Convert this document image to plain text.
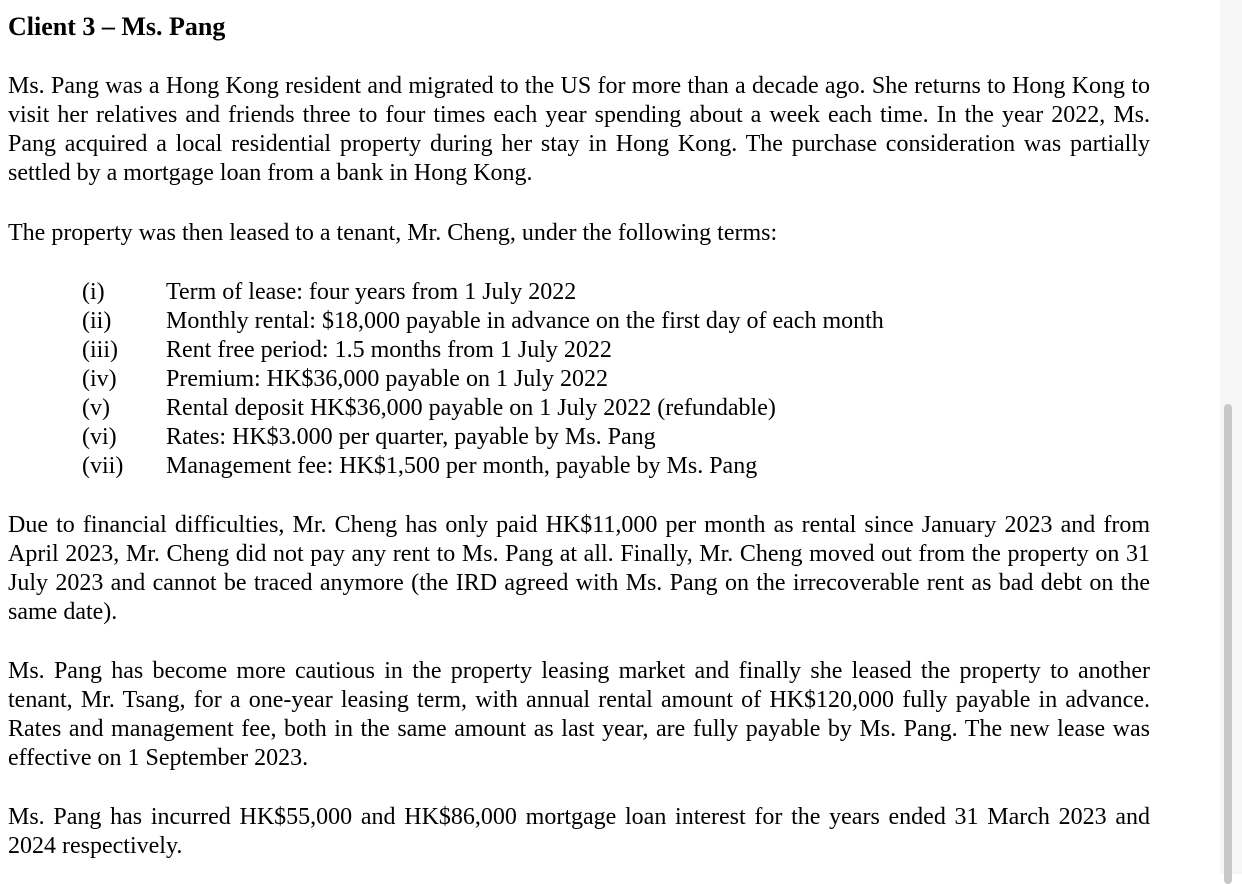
Client 3 – Ms. Pang

Ms. Pang was a Hong Kong resident and migrated to the US for more than a decade ago. She returns to Hong Kong to visit her relatives and friends three to four times each year spending about a week each time. In the year 2022, Ms. Pang acquired a local residential property during her stay in Hong Kong. The purchase consideration was partially settled by a mortgage loan from a bank in Hong Kong.

The property was then leased to a tenant, Mr. Cheng, under the following terms:

(i)	Term of lease: four years from 1 July 2022
(ii)	Monthly rental: $18,000 payable in advance on the first day of each month
(iii)	Rent free period: 1.5 months from 1 July 2022
(iv)	Premium: HK$36,000 payable on 1 July 2022
(v)	Rental deposit HK$36,000 payable on 1 July 2022 (refundable)
(vi)	Rates: HK$3.000 per quarter, payable by Ms. Pang
(vii)	Management fee: HK$1,500 per month, payable by Ms. Pang

Due to financial difficulties, Mr. Cheng has only paid HK$11,000 per month as rental since January 2023 and from April 2023, Mr. Cheng did not pay any rent to Ms. Pang at all. Finally, Mr. Cheng moved out from the property on 31 July 2023 and cannot be traced anymore (the IRD agreed with Ms. Pang on the irrecoverable rent as bad debt on the same date).

Ms. Pang has become more cautious in the property leasing market and finally she leased the property to another tenant, Mr. Tsang, for a one-year leasing term, with annual rental amount of HK$120,000 fully payable in advance. Rates and management fee, both in the same amount as last year, are fully payable by Ms. Pang. The new lease was effective on 1 September 2023.

Ms. Pang has incurred HK$55,000 and HK$86,000 mortgage loan interest for the years ended 31 March 2023 and 2024 respectively.
